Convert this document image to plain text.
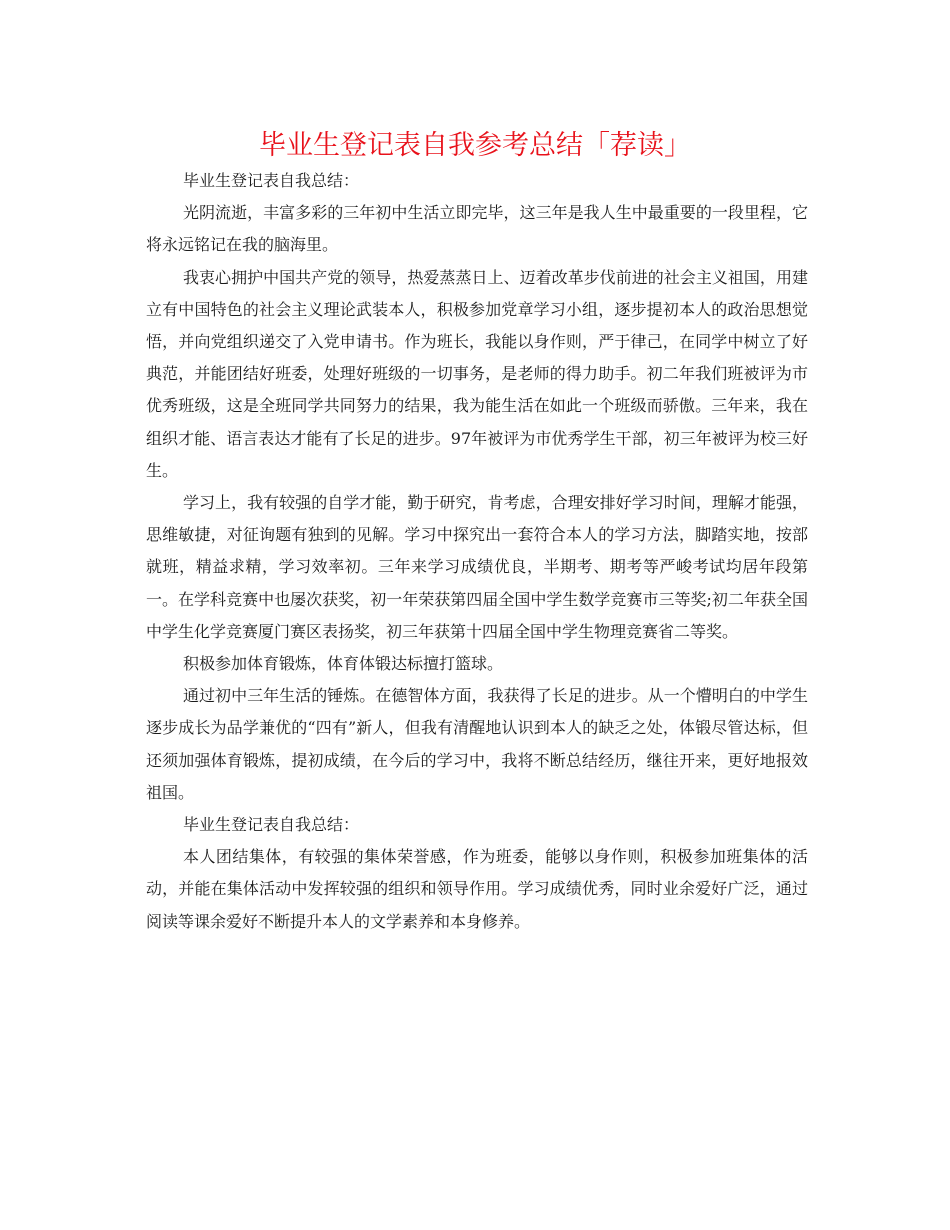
毕业生登记表自我参考总结「荐读」

毕业生登记表自我总结：

光阴流逝，丰富多彩的三年初中生活立即完毕，这三年是我人生中最重要的一段里程，它将永远铭记在我的脑海里。

我衷心拥护中国共产党的领导，热爱蒸蒸日上、迈着改革步伐前进的社会主义祖国，用建立有中国特色的社会主义理论武装本人，积极参加党章学习小组，逐步提初本人的政治思想觉悟，并向党组织递交了入党申请书。作为班长，我能以身作则，严于律己，在同学中树立了好典范，并能团结好班委，处理好班级的一切事务，是老师的得力助手。初二年我们班被评为市优秀班级，这是全班同学共同努力的结果，我为能生活在如此一个班级而骄傲。三年来，我在组织才能、语言表达才能有了长足的进步。97年被评为市优秀学生干部，初三年被评为校三好生。

学习上，我有较强的自学才能，勤于研究，肯考虑，合理安排好学习时间，理解才能强，思维敏捷，对征询题有独到的见解。学习中探究出一套符合本人的学习方法，脚踏实地，按部就班，精益求精，学习效率初。三年来学习成绩优良，半期考、期考等严峻考试均居年段第一。在学科竞赛中也屡次获奖，初一年荣获第四届全国中学生数学竞赛市三等奖;初二年获全国中学生化学竞赛厦门赛区表扬奖，初三年获第十四届全国中学生物理竞赛省二等奖。

积极参加体育锻炼，体育体锻达标擅打篮球。

通过初中三年生活的锤炼。在德智体方面，我获得了长足的进步。从一个懵明白的中学生逐步成长为品学兼优的“四有”新人，但我有清醒地认识到本人的缺乏之处，体锻尽管达标，但还须加强体育锻炼，提初成绩，在今后的学习中，我将不断总结经历，继往开来，更好地报效祖国。

毕业生登记表自我总结：

本人团结集体，有较强的集体荣誉感，作为班委，能够以身作则，积极参加班集体的活动，并能在集体活动中发挥较强的组织和领导作用。学习成绩优秀，同时业余爱好广泛，通过阅读等课余爱好不断提升本人的文学素养和本身修养。
